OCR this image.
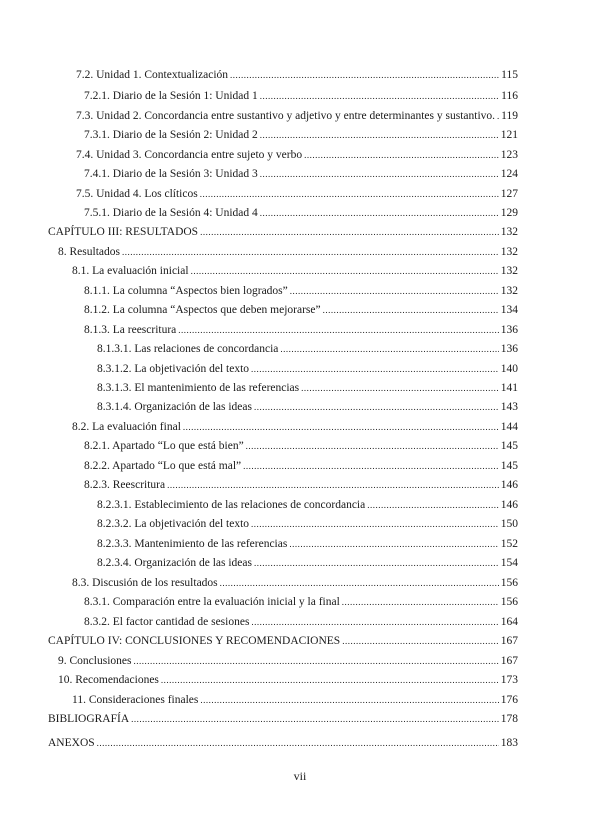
7.2. Unidad 1. Contextualización .....	115
7.2.1. Diario de la Sesión 1: Unidad 1 .....	116
7.3. Unidad 2. Concordancia entre sustantivo y adjetivo y entre determinantes y sustantivo. ..... 119
7.3.1. Diario de la Sesión 2: Unidad 2 .....	121
7.4. Unidad 3. Concordancia entre sujeto y verbo .....	123
7.4.1. Diario de la Sesión 3: Unidad 3 .....	124
7.5. Unidad 4. Los clíticos .....	127
7.5.1. Diario de la Sesión 4: Unidad 4 .....	129
CAPÍTULO III: RESULTADOS .....	132
8. Resultados .....	132
8.1. La evaluación inicial .....	132
8.1.1. La columna “Aspectos bien logrados” .....	132
8.1.2. La columna “Aspectos que deben mejorarse” .....	134
8.1.3. La reescritura .....	136
8.1.3.1. Las relaciones de concordancia .....	136
8.3.1.2. La objetivación del texto .....	140
8.3.1.3. El mantenimiento de las referencias .....	141
8.3.1.4. Organización de las ideas .....	143
8.2. La evaluación final .....	144
8.2.1. Apartado “Lo que está bien” .....	145
8.2.2. Apartado “Lo que está mal” .....	145
8.2.3. Reescritura .....	146
8.2.3.1. Establecimiento de las relaciones de concordancia .....	146
8.2.3.2. La objetivación del texto .....	150
8.2.3.3. Mantenimiento de las referencias .....	152
8.2.3.4. Organización de las ideas .....	154
8.3. Discusión de los resultados .....	156
8.3.1. Comparación entre la evaluación inicial y la final .....	156
8.3.2. El factor cantidad de sesiones .....	164
CAPÍTULO IV: CONCLUSIONES Y RECOMENDACIONES .....	167
9. Conclusiones .....	167
10. Recomendaciones .....	173
11. Consideraciones finales .....	176
BIBLIOGRAFÍA .....	178
ANEXOS .....	183
vii
